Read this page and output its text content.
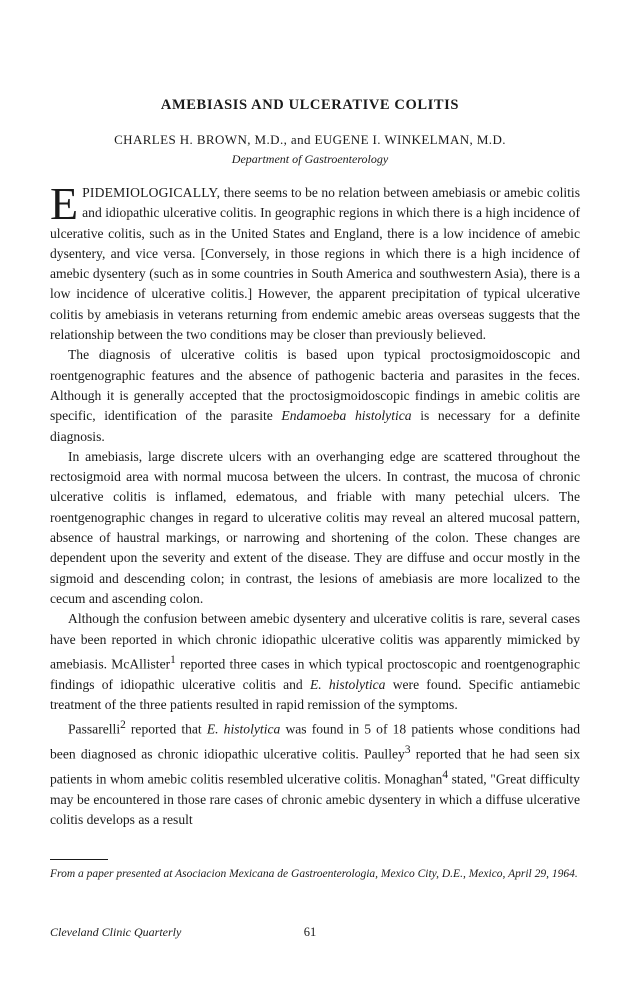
AMEBIASIS AND ULCERATIVE COLITIS
CHARLES H. BROWN, M.D., and EUGENE I. WINKELMAN, M.D.
Department of Gastroenterology

EPIDEMIOLOGICALLY, there seems to be no relation between amebiasis or amebic colitis and idiopathic ulcerative colitis. In geographic regions in which there is a high incidence of ulcerative colitis, such as in the United States and England, there is a low incidence of amebic dysentery, and vice versa. [Conversely, in those regions in which there is a high incidence of amebic dysentery (such as in some countries in South America and southwestern Asia), there is a low incidence of ulcerative colitis.] However, the apparent precipitation of typical ulcerative colitis by amebiasis in veterans returning from endemic amebic areas overseas suggests that the relationship between the two conditions may be closer than previously believed.

The diagnosis of ulcerative colitis is based upon typical proctosigmoidoscopic and roentgenographic features and the absence of pathogenic bacteria and parasites in the feces. Although it is generally accepted that the proctosigmoidoscopic findings in amebic colitis are specific, identification of the parasite Endamoeba histolytica is necessary for a definite diagnosis.

In amebiasis, large discrete ulcers with an overhanging edge are scattered throughout the rectosigmoid area with normal mucosa between the ulcers. In contrast, the mucosa of chronic ulcerative colitis is inflamed, edematous, and friable with many petechial ulcers. The roentgenographic changes in regard to ulcerative colitis may reveal an altered mucosal pattern, absence of haustral markings, or narrowing and shortening of the colon. These changes are dependent upon the severity and extent of the disease. They are diffuse and occur mostly in the sigmoid and descending colon; in contrast, the lesions of amebiasis are more localized to the cecum and ascending colon.

Although the confusion between amebic dysentery and ulcerative colitis is rare, several cases have been reported in which chronic idiopathic ulcerative colitis was apparently mimicked by amebiasis. McAllister$^1$ reported three cases in which typical proctoscopic and roentgenographic findings of idiopathic ulcerative colitis and E. histolytica were found. Specific antiamebic treatment of the three patients resulted in rapid remission of the symptoms.

Passarelli$^2$ reported that E. histolytica was found in 5 of 18 patients whose conditions had been diagnosed as chronic idiopathic ulcerative colitis. Paulley$^3$ reported that he had seen six patients in whom amebic colitis resembled ulcerative colitis. Monaghan$^4$ stated, "Great difficulty may be encountered in those rare cases of chronic amebic dysentery in which a diffuse ulcerative colitis develops as a result

From a paper presented at Asociacion Mexicana de Gastroenterologia, Mexico City, D.E., Mexico, April 29, 1964.
Cleveland Clinic Quarterly	61
